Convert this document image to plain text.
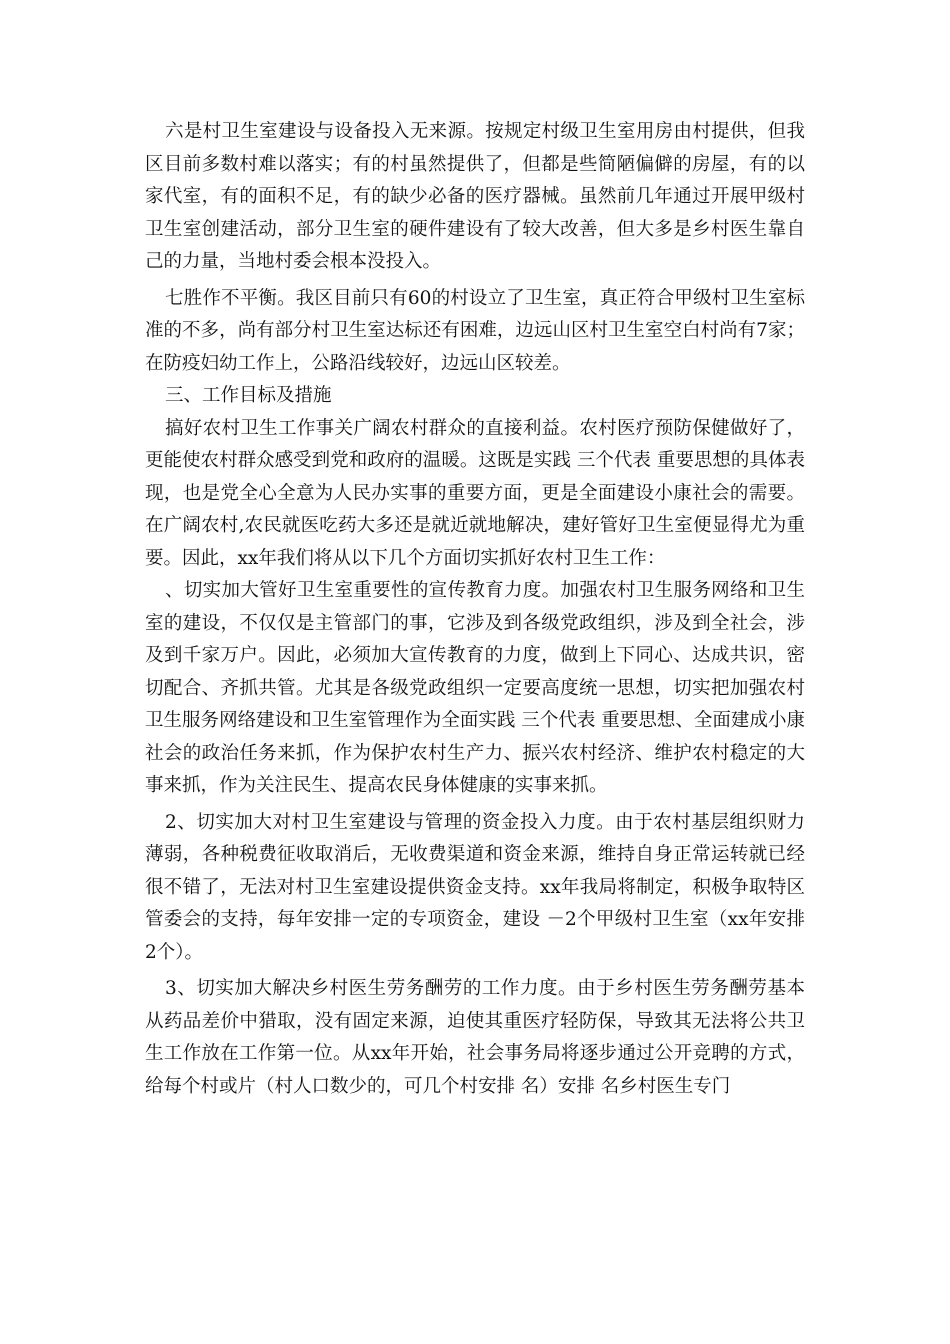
六是村卫生室建设与设备投入无来源。按规定村级卫生室用房由村提供，但我区目前多数村难以落实；有的村虽然提供了，但都是些简陋偏僻的房屋，有的以家代室，有的面积不足，有的缺少必备的医疗器械。虽然前几年通过开展甲级村卫生室创建活动，部分卫生室的硬件建设有了较大改善，但大多是乡村医生靠自己的力量，当地村委会根本没投入。

七胜作不平衡。我区目前只有60的村设立了卫生室，真正符合甲级村卫生室标准的不多，尚有部分村卫生室达标还有困难，边远山区村卫生室空白村尚有7家；在防疫妇幼工作上，公路沿线较好，边远山区较差。

三、工作目标及措施

搞好农村卫生工作事关广阔农村群众的直接利益。农村医疗预防保健做好了，更能使农村群众感受到党和政府的温暖。这既是实践 三个代表 重要思想的具体表现，也是党全心全意为人民办实事的重要方面，更是全面建设小康社会的需要。在广阔农村,农民就医吃药大多还是就近就地解决，建好管好卫生室便显得尤为重要。因此，xx年我们将从以下几个方面切实抓好农村卫生工作：

、切实加大管好卫生室重要性的宣传教育力度。加强农村卫生服务网络和卫生室的建设，不仅仅是主管部门的事，它涉及到各级党政组织，涉及到全社会，涉及到千家万户。因此，必须加大宣传教育的力度，做到上下同心、达成共识，密切配合、齐抓共管。尤其是各级党政组织一定要高度统一思想，切实把加强农村卫生服务网络建设和卫生室管理作为全面实践 三个代表 重要思想、全面建成小康社会的政治任务来抓，作为保护农村生产力、振兴农村经济、维护农村稳定的大事来抓，作为关注民生、提高农民身体健康的实事来抓。

2、切实加大对村卫生室建设与管理的资金投入力度。由于农村基层组织财力薄弱，各种税费征收取消后，无收费渠道和资金来源，维持自身正常运转就已经很不错了，无法对村卫生室建设提供资金支持。xx年我局将制定，积极争取特区管委会的支持，每年安排一定的专项资金，建设 －2个甲级村卫生室（xx年安排2个）。

3、切实加大解决乡村医生劳务酬劳的工作力度。由于乡村医生劳务酬劳基本从药品差价中猎取，没有固定来源，迫使其重医疗轻防保，导致其无法将公共卫生工作放在工作第一位。从xx年开始，社会事务局将逐步通过公开竞聘的方式，给每个村或片（村人口数少的，可几个村安排 名）安排 名乡村医生专门
